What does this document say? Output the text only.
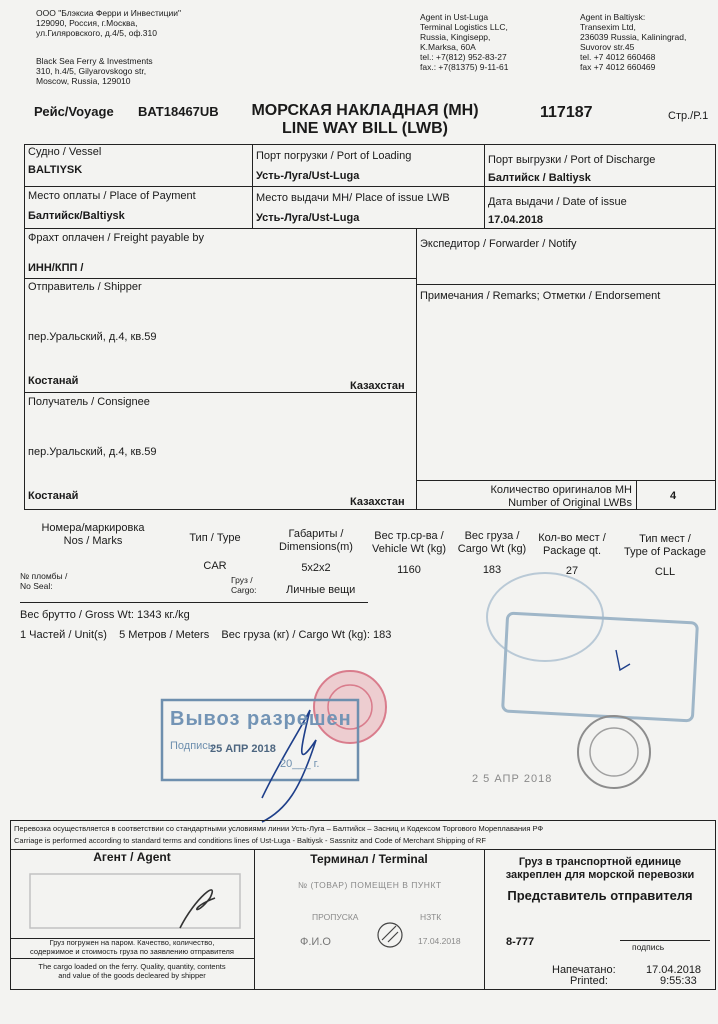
ООО "Блэксиа Ферри и Инвестиции"
129090, Россия, г.Москва,
ул.Гиляровского, д.4/5, оф.310
Black Sea Ferry & Investments
310, h.4/5, Gilyarovskogo str,
Moscow, Russia, 129010
Agent in Ust-Luga
Terminal Logistics LLC,
Russia, Kingisepp,
K.Marksa, 60A
tel.: +7(812) 952-83-27
fax.: +7(81375) 9-11-61
Agent in Baltiysk:
Transexim Ltd,
236039 Russia, Kaliningrad,
Suvorov str.45
tel. +7 4012 660468
fax +7 4012 660469
Рейс/Voyage BAT18467UB	МОРСКАЯ НАКЛАДНАЯ (МН)
LINE WAY BILL (LWB)
117187	Стр./P.1
Судно / Vessel
BALTIYSK
Порт погрузки / Port of Loading
Усть-Луга/Ust-Luga
Порт выгрузки / Port of Discharge
Балтийск / Baltiysk
Место оплаты / Place of Payment
Балтийск/Baltiysk
Место выдачи МН/ Place of issue LWB
Усть-Луга/Ust-Luga
Дата выдачи / Date of issue
17.04.2018
Фрахт оплачен / Freight payable by	Экспедитор / Forwarder / Notify
ИНН/КПП /
Отправитель / Shipper
пер.Уральский, д.4, кв.59
Костанай	Казахстан
Примечания / Remarks; Отметки / Endorsement
Получатель / Consignee
пер.Уральский, д.4, кв.59
Костанай	Казахстан
Количество оригиналов МН
Number of Original LWBs
4
Номера/маркировка
Nos / Marks	Тип / Type	Габариты /
Dimensions(m)
Вес тр.ср-ва /
Vehicle Wt (kg)
Вес груза /
Cargo Wt (kg)
Кол-во мест /
Package qt.
Тип мест /
Type of Package
CAR	5x2x2	1160	183	27	CLL
№ пломбы /
No Seal:
Груз /
Cargo:	Личные вещи
Вес брутто / Gross Wt: 1343 кг./kg
1 Частей / Unit(s)    5 Метров / Meters    Вес груза (кг) / Cargo Wt (kg): 183
Вывоз разрешен
Подпись
25 АПР 2018
20___ г.
2 5 АПР 2018
Перевозка осуществляется в соответствии со стандартными условиями линии Усть-Луга – Балтийск – Засниц и Кодексом Торгового Мореплавания РФ
Carriage is performed according to standard terms and conditions lines of Ust-Luga - Baltiysk - Sassnitz and Code of Merchant Shipping of RF
Агент / Agent	Терминал / Terminal	Груз в транспортной единице
закреплен для морской перевозки
Представитель отправителя
Груз погружен на паром. Качество, количество,
содержимое и стоимость груза по заявлению отправителя
The cargo loaded on the ferry. Quality, quantity, contents
and value of the goods decleared by shipper
№ (ТОВАР) ПОМЕЩЕН В ПУНКТ
ПРОПУСКА	НЗТК
Ф.И.О	17.04.2018	8-777	подпись
Напечатано:
Printed:
17.04.2018
9:55:33
